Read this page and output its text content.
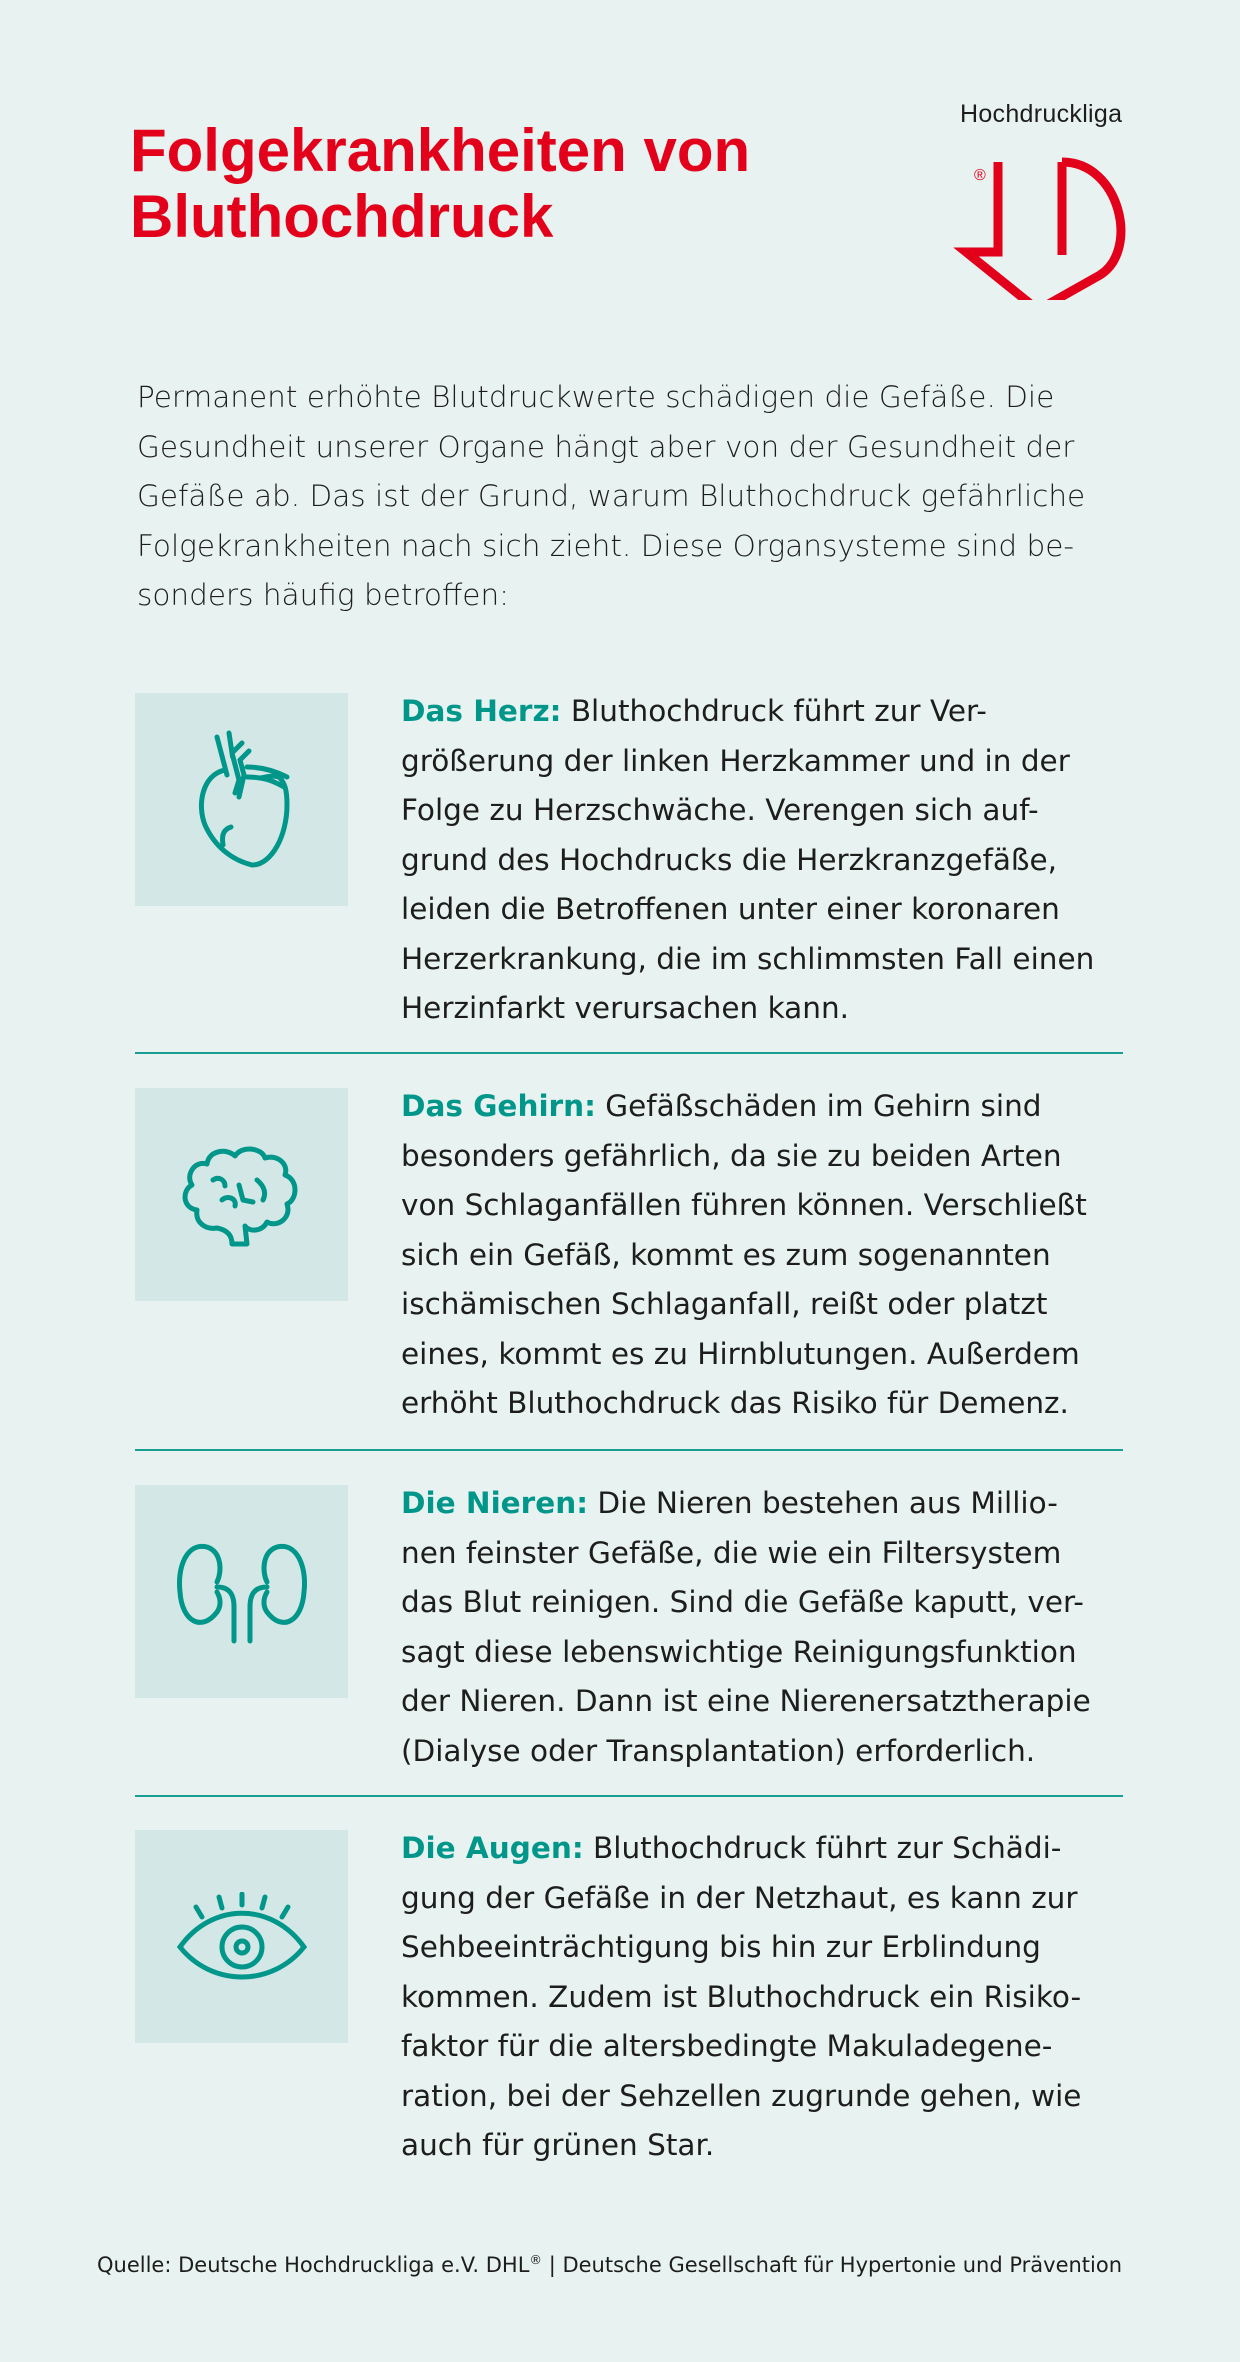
Folgekrankheiten von
Bluthochdruck
Hochdruckliga
®
Permanent erhöhte Blutdruckwerte schädigen die Gefäße. Die
Gesundheit unserer Organe hängt aber von der Gesundheit der
Gefäße ab. Das ist der Grund, warum Bluthochdruck gefährliche
Folgekrankheiten nach sich zieht. Diese Organsysteme sind be-
sonders häufig betroffen:
Das Herz: Bluthochdruck führt zur Ver-
größerung der linken Herzkammer und in der
Folge zu Herzschwäche. Verengen sich auf-
grund des Hochdrucks die Herzkranzgefäße,
leiden die Betroffenen unter einer koronaren
Herzerkrankung, die im schlimmsten Fall einen
Herzinfarkt verursachen kann.
Das Gehirn: Gefäßschäden im Gehirn sind
besonders gefährlich, da sie zu beiden Arten
von Schlaganfällen führen können. Verschließt
sich ein Gefäß, kommt es zum sogenannten
ischämischen Schlaganfall, reißt oder platzt
eines, kommt es zu Hirnblutungen. Außerdem
erhöht Bluthochdruck das Risiko für Demenz.
Die Nieren: Die Nieren bestehen aus Millio-
nen feinster Gefäße, die wie ein Filtersystem
das Blut reinigen. Sind die Gefäße kaputt, ver-
sagt diese lebenswichtige Reinigungsfunktion
der Nieren. Dann ist eine Nierenersatztherapie
(Dialyse oder Transplantation) erforderlich.
Die Augen: Bluthochdruck führt zur Schädi-
gung der Gefäße in der Netzhaut, es kann zur
Sehbeeinträchtigung bis hin zur Erblindung
kommen. Zudem ist Bluthochdruck ein Risiko-
faktor für die altersbedingte Makuladegene-
ration, bei der Sehzellen zugrunde gehen, wie
auch für grünen Star.
Quelle: Deutsche Hochdruckliga e.V. DHL® | Deutsche Gesellschaft für Hypertonie und Prävention
